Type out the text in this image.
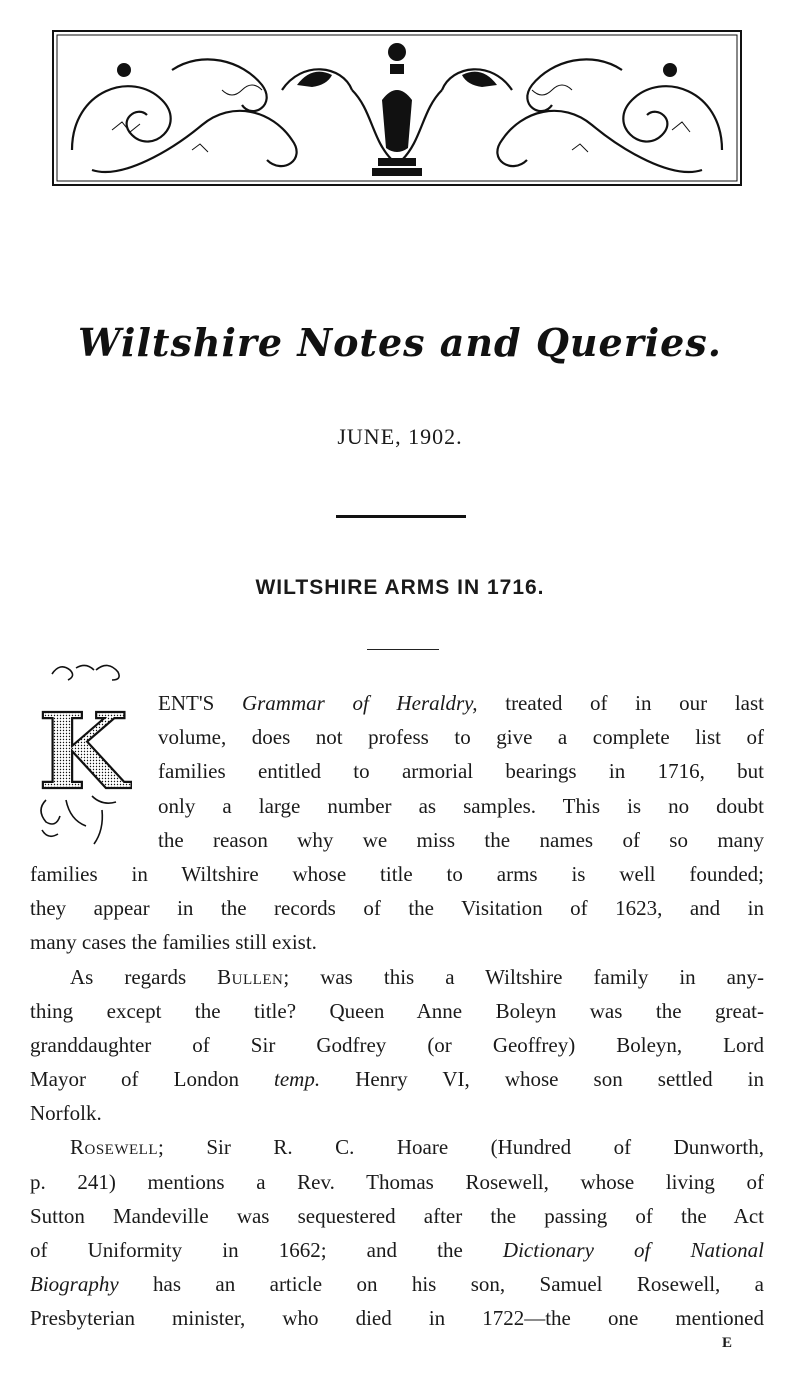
Wiltshire Notes and Queries.
JUNE, 1902.
WILTSHIRE ARMS IN 1716.
K ENT'S Grammar of Heraldry, treated of in our last
volume, does not profess to give a complete list of
families entitled to armorial bearings in 1716, but
only a large number as samples. This is no doubt
the reason why we miss the names of so many
families in Wiltshire whose title to arms is well founded;
they appear in the records of the Visitation of 1623, and in
many cases the families still exist.
As regards Bullen; was this a Wiltshire family in any-
thing except the title? Queen Anne Boleyn was the great-
granddaughter of Sir Godfrey (or Geoffrey) Boleyn, Lord
Mayor of London temp. Henry VI, whose son settled in
Norfolk.
Rosewell; Sir R. C. Hoare (Hundred of Dunworth,
p. 241) mentions a Rev. Thomas Rosewell, whose living of
Sutton Mandeville was sequestered after the passing of the Act
of Uniformity in 1662; and the Dictionary of National
Biography has an article on his son, Samuel Rosewell, a
Presbyterian minister, who died in 1722—the one mentioned
E
